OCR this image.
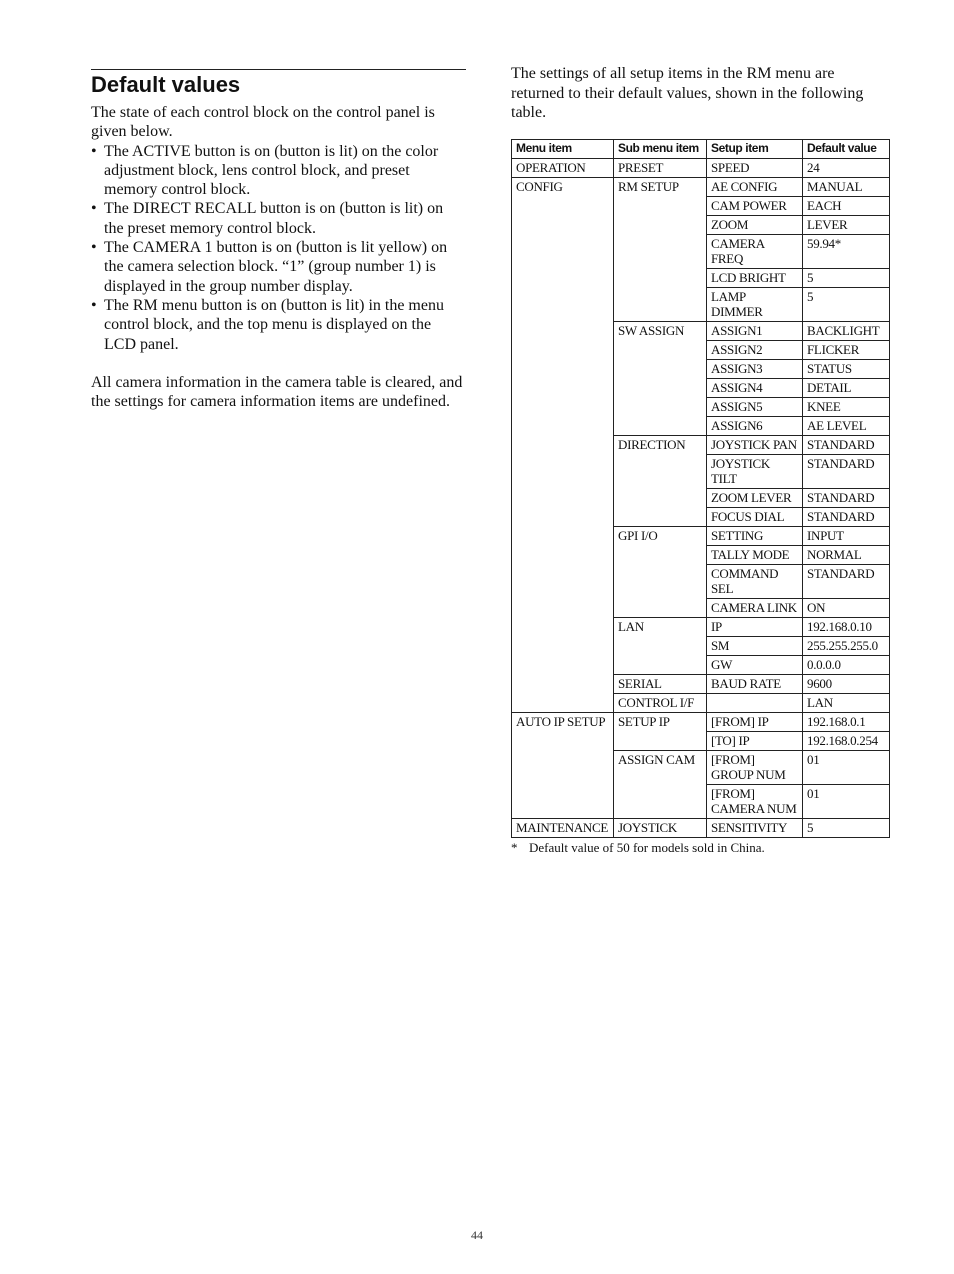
Default values

The state of each control block on the control panel is given below.

• The ACTIVE button is on (button is lit) on the color adjustment block, lens control block, and preset memory control block.
• The DIRECT RECALL button is on (button is lit) on the preset memory control block.
• The CAMERA 1 button is on (button is lit yellow) on the camera selection block. “1” (group number 1) is displayed in the group number display.
• The RM menu button is on (button is lit) in the menu control block, and the top menu is displayed on the LCD panel.

All camera information in the camera table is cleared, and the settings for camera information items are undefined.

The settings of all setup items in the RM menu are returned to their default values, shown in the following table.

Menu item	Sub menu item	Setup item	Default value
OPERATION	PRESET	SPEED	24
CONFIG	RM SETUP	AE CONFIG	MANUAL
		CAM POWER	EACH
		ZOOM	LEVER
		CAMERA FREQ	59.94*
		LCD BRIGHT	5
		LAMP DIMMER	5
	SW ASSIGN	ASSIGN1	BACKLIGHT
		ASSIGN2	FLICKER
		ASSIGN3	STATUS
		ASSIGN4	DETAIL
		ASSIGN5	KNEE
		ASSIGN6	AE LEVEL
	DIRECTION	JOYSTICK PAN	STANDARD
		JOYSTICK TILT	STANDARD
		ZOOM LEVER	STANDARD
		FOCUS DIAL	STANDARD
	GPI I/O	SETTING	INPUT
		TALLY MODE	NORMAL
		COMMAND SEL	STANDARD
		CAMERA LINK	ON
	LAN	IP	192.168.0.10
		SM	255.255.255.0
		GW	0.0.0.0
	SERIAL	BAUD RATE	9600
	CONTROL I/F		LAN
AUTO IP SETUP	SETUP IP	[FROM] IP	192.168.0.1
		[TO] IP	192.168.0.254
	ASSIGN CAM	[FROM] GROUP NUM	01
		[FROM] CAMERA NUM	01
MAINTENANCE	JOYSTICK	SENSITIVITY	5
* Default value of 50 for models sold in China.
44
